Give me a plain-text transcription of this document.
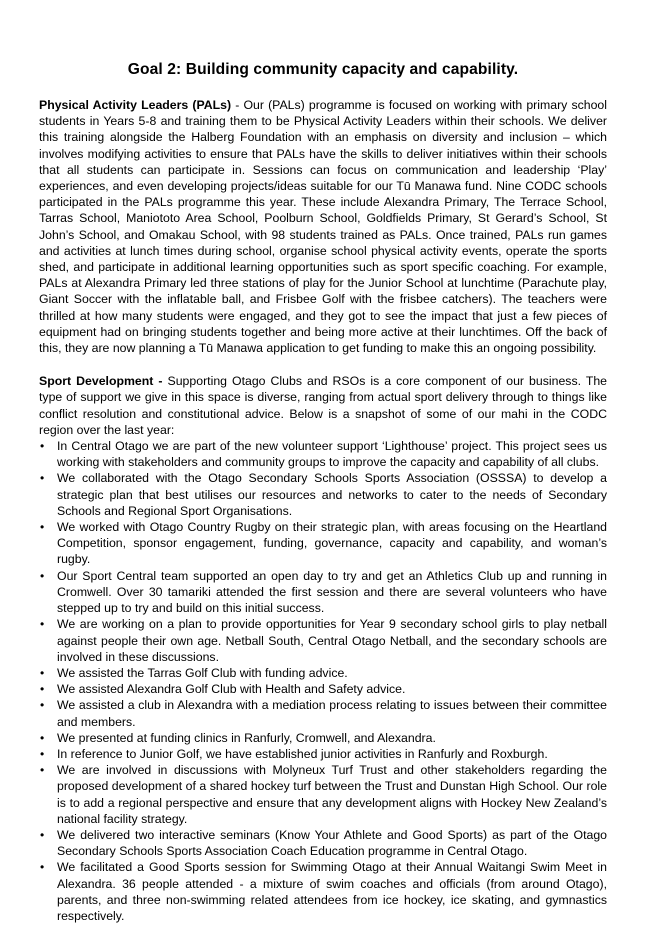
Goal 2: Building community capacity and capability.

Physical Activity Leaders (PALs) - Our (PALs) programme is focused on working with primary school students in Years 5-8 and training them to be Physical Activity Leaders within their schools. We deliver this training alongside the Halberg Foundation with an emphasis on diversity and inclusion – which involves modifying activities to ensure that PALs have the skills to deliver initiatives within their schools that all students can participate in. Sessions can focus on communication and leadership ‘Play’ experiences, and even developing projects/ideas suitable for our Tū Manawa fund. Nine CODC schools participated in the PALs programme this year. These include Alexandra Primary, The Terrace School, Tarras School, Maniototo Area School, Poolburn School, Goldfields Primary, St Gerard’s School, St John’s School, and Omakau School, with 98 students trained as PALs. Once trained, PALs run games and activities at lunch times during school, organise school physical activity events, operate the sports shed, and participate in additional learning opportunities such as sport specific coaching. For example, PALs at Alexandra Primary led three stations of play for the Junior School at lunchtime (Parachute play, Giant Soccer with the inflatable ball, and Frisbee Golf with the frisbee catchers). The teachers were thrilled at how many students were engaged, and they got to see the impact that just a few pieces of equipment had on bringing students together and being more active at their lunchtimes. Off the back of this, they are now planning a Tū Manawa application to get funding to make this an ongoing possibility.

Sport Development - Supporting Otago Clubs and RSOs is a core component of our business. The type of support we give in this space is diverse, ranging from actual sport delivery through to things like conflict resolution and constitutional advice. Below is a snapshot of some of our mahi in the CODC region over the last year:

• In Central Otago we are part of the new volunteer support ‘Lighthouse’ project. This project sees us working with stakeholders and community groups to improve the capacity and capability of all clubs.
• We collaborated with the Otago Secondary Schools Sports Association (OSSSA) to develop a strategic plan that best utilises our resources and networks to cater to the needs of Secondary Schools and Regional Sport Organisations.
• We worked with Otago Country Rugby on their strategic plan, with areas focusing on the Heartland Competition, sponsor engagement, funding, governance, capacity and capability, and woman’s rugby.
• Our Sport Central team supported an open day to try and get an Athletics Club up and running in Cromwell. Over 30 tamariki attended the first session and there are several volunteers who have stepped up to try and build on this initial success.
• We are working on a plan to provide opportunities for Year 9 secondary school girls to play netball against people their own age. Netball South, Central Otago Netball, and the secondary schools are involved in these discussions.
• We assisted the Tarras Golf Club with funding advice.
• We assisted Alexandra Golf Club with Health and Safety advice.
• We assisted a club in Alexandra with a mediation process relating to issues between their committee and members.
• We presented at funding clinics in Ranfurly, Cromwell, and Alexandra.
• In reference to Junior Golf, we have established junior activities in Ranfurly and Roxburgh.
• We are involved in discussions with Molyneux Turf Trust and other stakeholders regarding the proposed development of a shared hockey turf between the Trust and Dunstan High School. Our role is to add a regional perspective and ensure that any development aligns with Hockey New Zealand’s national facility strategy.
• We delivered two interactive seminars (Know Your Athlete and Good Sports) as part of the Otago Secondary Schools Sports Association Coach Education programme in Central Otago.
• We facilitated a Good Sports session for Swimming Otago at their Annual Waitangi Swim Meet in Alexandra. 36 people attended - a mixture of swim coaches and officials (from around Otago), parents, and three non-swimming related attendees from ice hockey, ice skating, and gymnastics respectively.
